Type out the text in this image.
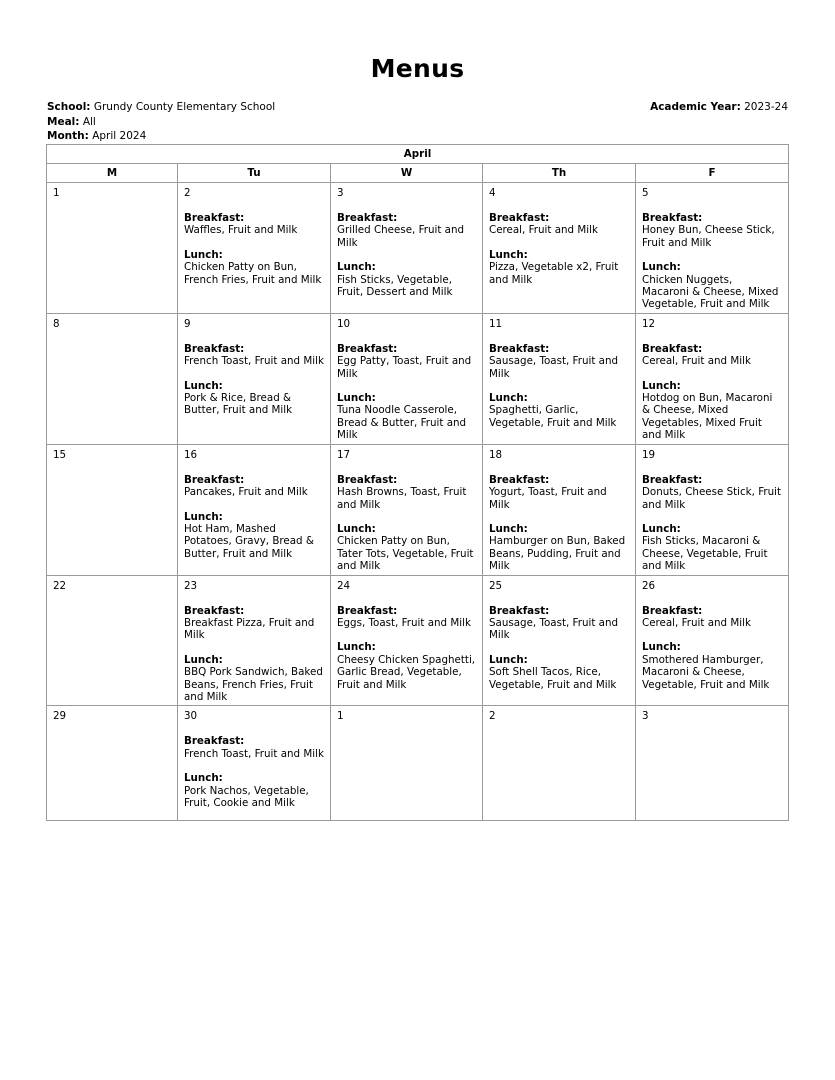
Menus
School: Grundy County Elementary School
Meal: All
Month: April 2024
Academic Year: 2023-24
April				
M	Tu	W	Th	F

1	2
Breakfast:
Waffles, Fruit and Milk
Lunch:
Chicken Patty on Bun, French Fries, Fruit and Milk	3
Breakfast:
Grilled Cheese, Fruit and Milk
Lunch:
Fish Sticks, Vegetable, Fruit, Dessert and Milk	4
Breakfast:
Cereal, Fruit and Milk
Lunch:
Pizza, Vegetable x2, Fruit and Milk	5
Breakfast:
Honey Bun, Cheese Stick, Fruit and Milk
Lunch:
Chicken Nuggets, Macaroni & Cheese, Mixed Vegetable, Fruit and Milk

8	9
Breakfast:
French Toast, Fruit and Milk
Lunch:
Pork & Rice, Bread & Butter, Fruit and Milk	10
Breakfast:
Egg Patty, Toast, Fruit and Milk
Lunch:
Tuna Noodle Casserole, Bread & Butter, Fruit and Milk	11
Breakfast:
Sausage, Toast, Fruit and Milk
Lunch:
Spaghetti, Garlic, Vegetable, Fruit and Milk	12
Breakfast:
Cereal, Fruit and Milk
Lunch:
Hotdog on Bun, Macaroni & Cheese, Mixed Vegetables, Mixed Fruit and Milk

15	16
Breakfast:
Pancakes, Fruit and Milk
Lunch:
Hot Ham, Mashed Potatoes, Gravy, Bread & Butter, Fruit and Milk	17
Breakfast:
Hash Browns, Toast, Fruit and Milk
Lunch:
Chicken Patty on Bun, Tater Tots, Vegetable, Fruit and Milk	18
Breakfast:
Yogurt, Toast, Fruit and Milk
Lunch:
Hamburger on Bun, Baked Beans, Pudding, Fruit and Milk	19
Breakfast:
Donuts, Cheese Stick, Fruit and Milk
Lunch:
Fish Sticks, Macaroni & Cheese, Vegetable, Fruit and Milk

22	23
Breakfast:
Breakfast Pizza, Fruit and Milk
Lunch:
BBQ Pork Sandwich, Baked Beans, French Fries, Fruit and Milk	24
Breakfast:
Eggs, Toast, Fruit and Milk
Lunch:
Cheesy Chicken Spaghetti, Garlic Bread, Vegetable, Fruit and Milk	25
Breakfast:
Sausage, Toast, Fruit and Milk
Lunch:
Soft Shell Tacos, Rice, Vegetable, Fruit and Milk	26
Breakfast:
Cereal, Fruit and Milk
Lunch:
Smothered Hamburger, Macaroni & Cheese, Vegetable, Fruit and Milk

29	30
Breakfast:
French Toast, Fruit and Milk
Lunch:
Pork Nachos, Vegetable, Fruit, Cookie and Milk	1	2	3
